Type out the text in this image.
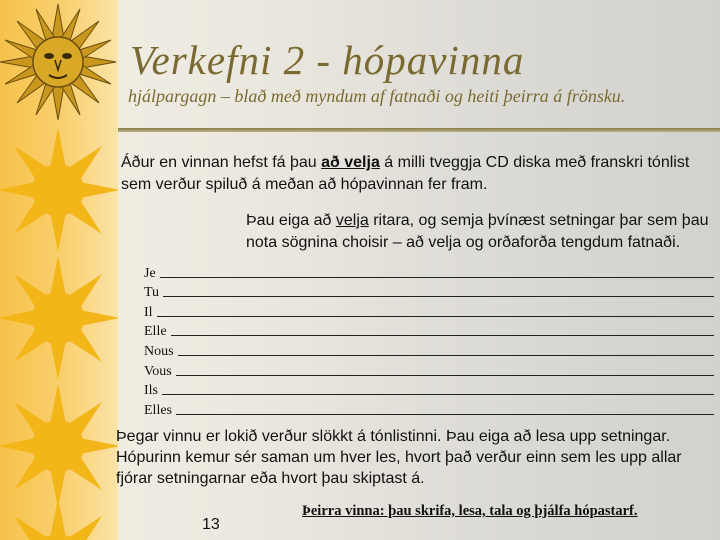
Verkefni 2 - hópavinna
hjálpargagn – blað með myndum af fatnaði og heiti þeirra á frönsku.
Áður en vinnan hefst fá þau að velja á milli tveggja CD diska með franskri tónlist sem verður spiluð á meðan að hópavinnan fer fram.
Þau eiga að velja ritara, og semja þvínæst setningar þar sem þau nota sögnina choisir – að velja og orðaforða tengdum fatnaði.
Je
Tu
Il
Elle
Nous
Vous
Ils
Elles
Þegar vinnu er lokið verður slökkt á tónlistinni. Þau eiga að lesa upp setningar. Hópurinn kemur sér saman um hver les, hvort það verður einn sem les upp allar fjórar setningarnar eða hvort þau skiptast á.
13
Þeirra vinna: þau skrifa, lesa, tala og þjálfa hópastarf.
